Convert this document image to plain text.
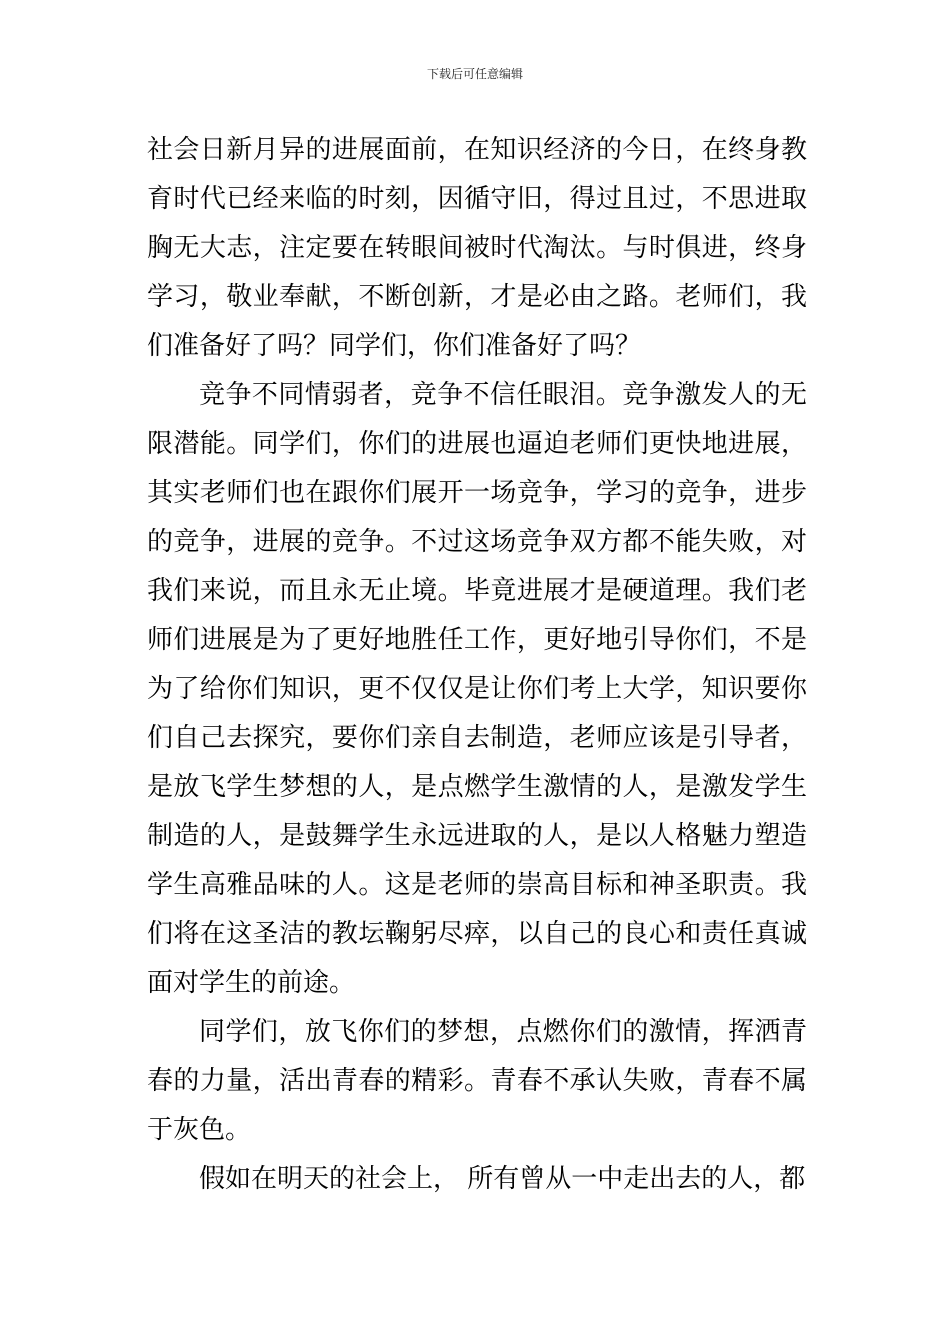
下载后可任意编辑

社会日新月异的进展面前，在知识经济的今日，在终身教育时代已经来临的时刻，因循守旧，得过且过，不思进取胸无大志，注定要在转眼间被时代淘汰。与时俱进，终身学习，敬业奉献，不断创新，才是必由之路。老师们，我们准备好了吗？同学们，你们准备好了吗？

竞争不同情弱者，竞争不信任眼泪。竞争激发人的无限潜能。同学们，你们的进展也逼迫老师们更快地进展，其实老师们也在跟你们展开一场竞争，学习的竞争，进步的竞争，进展的竞争。不过这场竞争双方都不能失败，对我们来说，而且永无止境。毕竟进展才是硬道理。我们老师们进展是为了更好地胜任工作，更好地引导你们，不是为了给你们知识，更不仅仅是让你们考上大学，知识要你们自己去探究，要你们亲自去制造，老师应该是引导者，是放飞学生梦想的人，是点燃学生激情的人，是激发学生制造的人，是鼓舞学生永远进取的人，是以人格魅力塑造学生高雅品味的人。这是老师的崇高目标和神圣职责。我们将在这圣洁的教坛鞠躬尽瘁，以自己的良心和责任真诚面对学生的前途。

同学们，放飞你们的梦想，点燃你们的激情，挥洒青春的力量，活出青春的精彩。青春不承认失败，青春不属于灰色。

假如在明天的社会上， 所有曾从一中走出去的人，都
